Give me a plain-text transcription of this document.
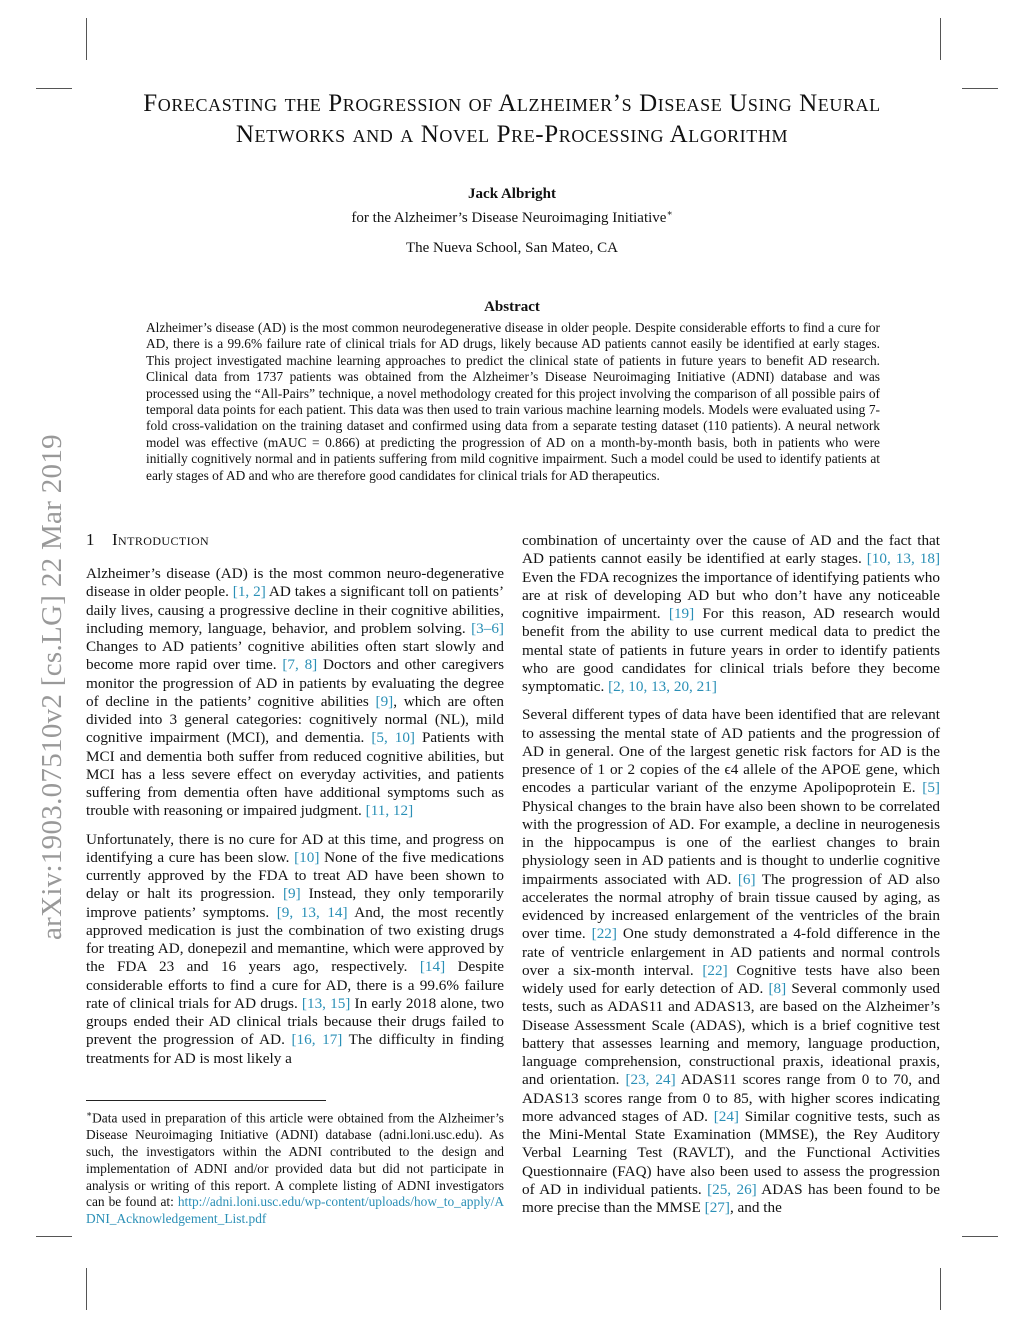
arXiv:1903.07510v2 [cs.LG] 22 Mar 2019
Forecasting the Progression of Alzheimer’s Disease Using Neural
Networks and a Novel Pre-Processing Algorithm
Jack Albright
for the Alzheimer’s Disease Neuroimaging Initiative∗
The Nueva School, San Mateo, CA
Abstract
Alzheimer’s disease (AD) is the most common neurodegenerative disease in older people. Despite considerable efforts to find a cure for AD, there is a 99.6% failure rate of clinical trials for AD drugs, likely because AD patients cannot easily be identified at early stages. This project investigated machine learning approaches to predict the clinical state of patients in future years to benefit AD research. Clinical data from 1737 patients was obtained from the Alzheimer’s Disease Neuroimaging Initiative (ADNI) database and was processed using the “All-Pairs” technique, a novel methodology created for this project involving the comparison of all possible pairs of temporal data points for each patient. This data was then used to train various machine learning models. Models were evaluated using 7-fold cross-validation on the training dataset and confirmed using data from a separate testing dataset (110 patients). A neural network model was effective (mAUC = 0.866) at predicting the progression of AD on a month-by-month basis, both in patients who were initially cognitively normal and in patients suffering from mild cognitive impairment. Such a model could be used to identify patients at early stages of AD and who are therefore good candidates for clinical trials for AD therapeutics.
1 Introduction

Alzheimer’s disease (AD) is the most common neuro-degenerative disease in older people. [1, 2] AD takes a significant toll on patients’ daily lives, causing a progressive decline in their cognitive abilities, including memory, language, behavior, and problem solving. [3–6] Changes to AD patients’ cognitive abilities often start slowly and become more rapid over time. [7, 8] Doctors and other caregivers monitor the progression of AD in patients by evaluating the degree of decline in the patients’ cognitive abilities [9], which are often divided into 3 general categories: cognitively normal (NL), mild cognitive impairment (MCI), and dementia. [5, 10] Patients with MCI and dementia both suffer from reduced cognitive abilities, but MCI has a less severe effect on everyday activities, and patients suffering from dementia often have additional symptoms such as trouble with reasoning or impaired judgment. [11, 12]

Unfortunately, there is no cure for AD at this time, and progress on identifying a cure has been slow. [10] None of the five medications currently approved by the FDA to treat AD have been shown to delay or halt its progression. [9] Instead, they only temporarily improve patients’ symptoms. [9, 13, 14] And, the most recently approved medication is just the combination of two existing drugs for treating AD, donepezil and memantine, which were approved by the FDA 23 and 16 years ago, respectively. [14] Despite considerable efforts to find a cure for AD, there is a 99.6% failure rate of clinical trials for AD drugs. [13, 15] In early 2018 alone, two groups ended their AD clinical trials because their drugs failed to prevent the progression of AD. [16, 17] The difficulty in finding treatments for AD is most likely a

combination of uncertainty over the cause of AD and the fact that AD patients cannot easily be identified at early stages. [10, 13, 18] Even the FDA recognizes the importance of identifying patients who are at risk of developing AD but who don’t have any noticeable cognitive impairment. [19] For this reason, AD research would benefit from the ability to use current medical data to predict the mental state of patients in future years in order to identify patients who are good candidates for clinical trials before they become symptomatic. [2, 10, 13, 20, 21]

Several different types of data have been identified that are relevant to assessing the mental state of AD patients and the progression of AD in general. One of the largest genetic risk factors for AD is the presence of 1 or 2 copies of the ϵ4 allele of the APOE gene, which encodes a particular variant of the enzyme Apolipoprotein E. [5] Physical changes to the brain have also been shown to be correlated with the progression of AD. For example, a decline in neurogenesis in the hippocampus is one of the earliest changes to brain physiology seen in AD patients and is thought to underlie cognitive impairments associated with AD. [6] The progression of AD also accelerates the normal atrophy of brain tissue caused by aging, as evidenced by increased enlargement of the ventricles of the brain over time. [22] One study demonstrated a 4-fold difference in the rate of ventricle enlargement in AD patients and normal controls over a six-month interval. [22] Cognitive tests have also been widely used for early detection of AD. [8] Several commonly used tests, such as ADAS11 and ADAS13, are based on the Alzheimer’s Disease Assessment Scale (ADAS), which is a brief cognitive test battery that assesses learning and memory, language production, language comprehension, constructional praxis, ideational praxis, and orientation. [23, 24] ADAS11 scores range from 0 to 70, and ADAS13 scores range from 0 to 85, with higher scores indicating more advanced stages of AD. [24] Similar cognitive tests, such as the Mini-Mental State Examination (MMSE), the Rey Auditory Verbal Learning Test (RAVLT), and the Functional Activities Questionnaire (FAQ) have also been used to assess the progression of AD in individual patients. [25, 26] ADAS has been found to be more precise than the MMSE [27], and the

∗Data used in preparation of this article were obtained from the Alzheimer’s Disease Neuroimaging Initiative (ADNI) database (adni.loni.usc.edu). As such, the investigators within the ADNI contributed to the design and implementation of ADNI and/or provided data but did not participate in analysis or writing of this report. A complete listing of ADNI investigators can be found at: http://adni.loni.usc.edu/wp-content/uploads/how_to_apply/ADNI_Acknowledgement_List.pdf
